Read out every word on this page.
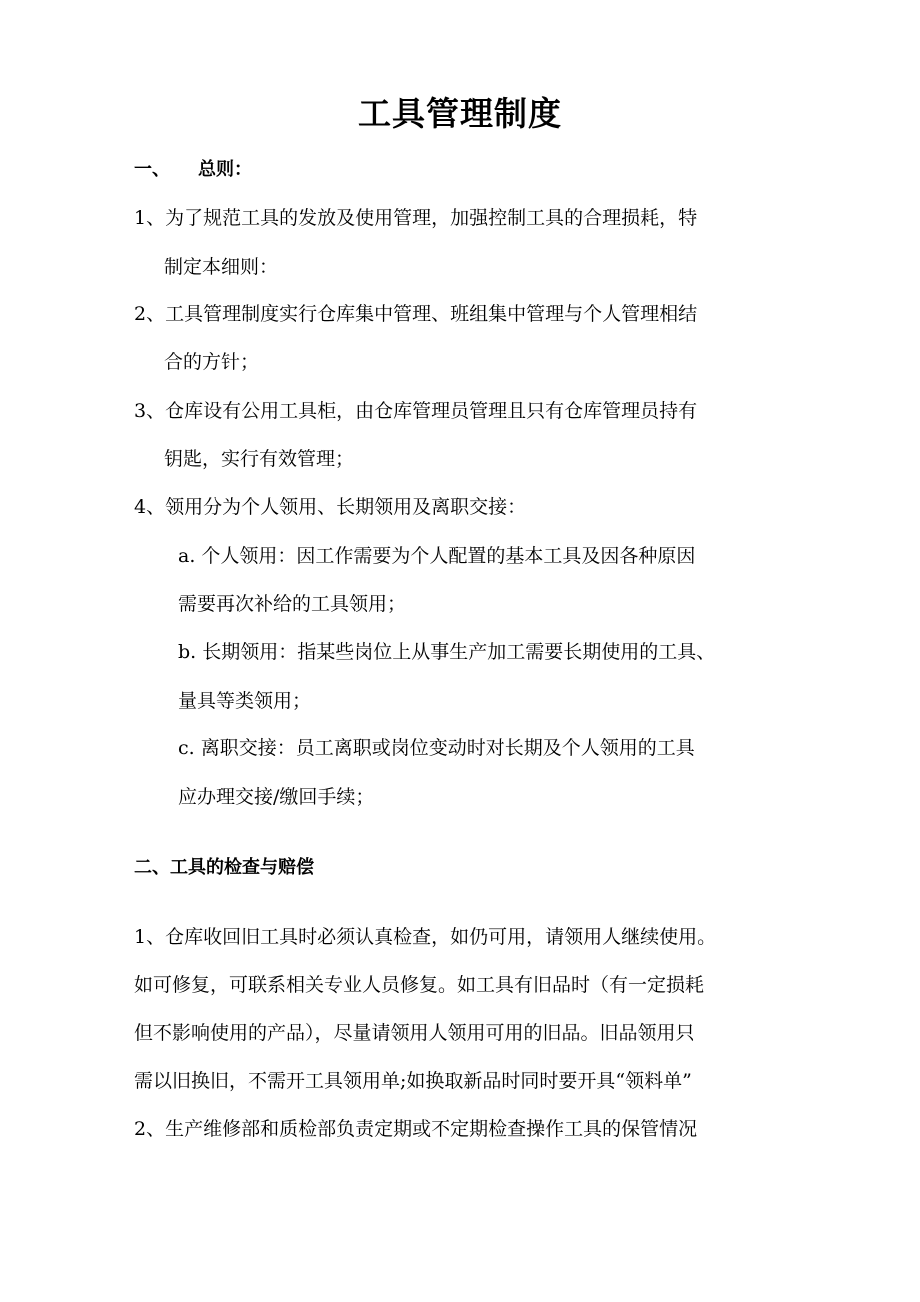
工具管理制度
一、 总则：
1、为了规范工具的发放及使用管理，加强控制工具的合理损耗，特
制定本细则：
2、工具管理制度实行仓库集中管理、班组集中管理与个人管理相结
合的方针；
3、仓库设有公用工具柜，由仓库管理员管理且只有仓库管理员持有
钥匙，实行有效管理；
4、领用分为个人领用、长期领用及离职交接：
a. 个人领用：因工作需要为个人配置的基本工具及因各种原因
需要再次补给的工具领用；
b. 长期领用：指某些岗位上从事生产加工需要长期使用的工具、
量具等类领用；
c. 离职交接：员工离职或岗位变动时对长期及个人领用的工具
应办理交接/缴回手续；
二、工具的检查与赔偿
1、仓库收回旧工具时必须认真检查，如仍可用，请领用人继续使用。
如可修复，可联系相关专业人员修复。如工具有旧品时（有一定损耗
但不影响使用的产品），尽量请领用人领用可用的旧品。旧品领用只
需以旧换旧，不需开工具领用单;如换取新品时同时要开具“领料单”
2、生产维修部和质检部负责定期或不定期检查操作工具的保管情况
